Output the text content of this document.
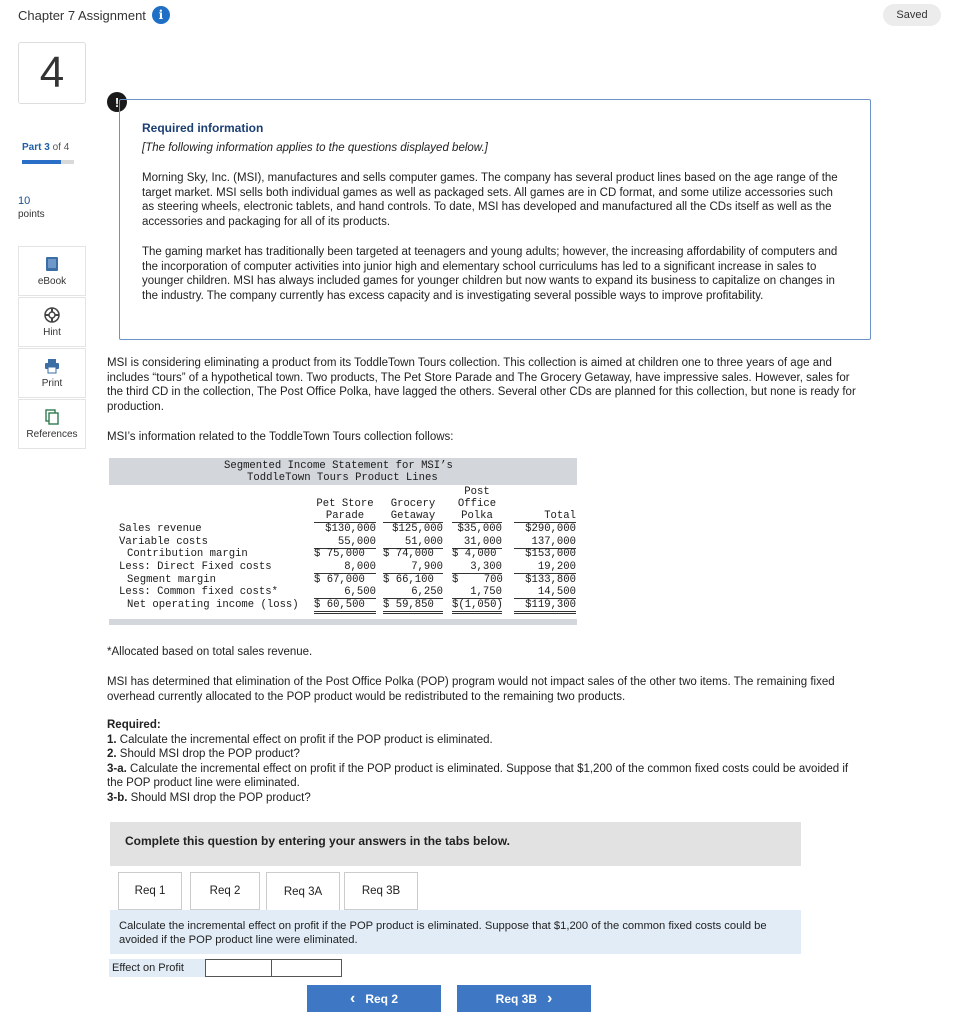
Chapter 7 Assignment	i	Saved
4
Part 3 of 4
10
points
eBook
Hint
Print
References
!
Required information
[The following information applies to the questions displayed below.]
Morning Sky, Inc. (MSI), manufactures and sells computer games. The company has several product lines based on the age range of the target market. MSI sells both individual games as well as packaged sets. All games are in CD format, and some utilize accessories such as steering wheels, electronic tablets, and hand controls. To date, MSI has developed and manufactured all the CDs itself as well as the accessories and packaging for all of its products.
The gaming market has traditionally been targeted at teenagers and young adults; however, the increasing affordability of computers and the incorporation of computer activities into junior high and elementary school curriculums has led to a significant increase in sales to younger children. MSI has always included games for younger children but now wants to expand its business to capitalize on changes in the industry. The company currently has excess capacity and is investigating several possible ways to improve profitability.
MSI is considering eliminating a product from its ToddleTown Tours collection. This collection is aimed at children one to three years of age and includes “tours” of a hypothetical town. Two products, The Pet Store Parade and The Grocery Getaway, have impressive sales. However, sales for the third CD in the collection, The Post Office Polka, have lagged the others. Several other CDs are planned for this collection, but none is ready for production.
MSI’s information related to the ToddleTown Tours collection follows:
Segmented Income Statement for MSI’s
ToddleTown Tours Product Lines
Pet Store
Parade
Grocery
Getaway
Post
Office
Polka	Total
Sales revenue	$130,000	$125,000	$35,000	$290,000
Variable costs	55,000	51,000	31,000	137,000
Contribution margin	$ 75,000	$ 74,000	$ 4,000	$153,000
Less: Direct Fixed costs	8,000	7,900	3,300	19,200
Segment margin	$ 67,000	$ 66,100	$    700	$133,800
Less: Common fixed costs*	6,500	6,250	1,750	14,500
Net operating income (loss) $ 60,500	$ 59,850	$(1,050)	$119,300
*Allocated based on total sales revenue.
MSI has determined that elimination of the Post Office Polka (POP) program would not impact sales of the other two items. The remaining fixed overhead currently allocated to the POP product would be redistributed to the remaining two products.
Required:
1. Calculate the incremental effect on profit if the POP product is eliminated.
2. Should MSI drop the POP product?
3-a. Calculate the incremental effect on profit if the POP product is eliminated. Suppose that $1,200 of the common fixed costs could be avoided if the POP product line were eliminated.
3-b. Should MSI drop the POP product?
Complete this question by entering your answers in the tabs below.
Req 1	Req 2	Req 3A	Req 3B
Calculate the incremental effect on profit if the POP product is eliminated. Suppose that $1,200 of the common fixed costs could be avoided if the POP product line were eliminated.
Effect on Profit
‹ Req 2	Req 3B ›
